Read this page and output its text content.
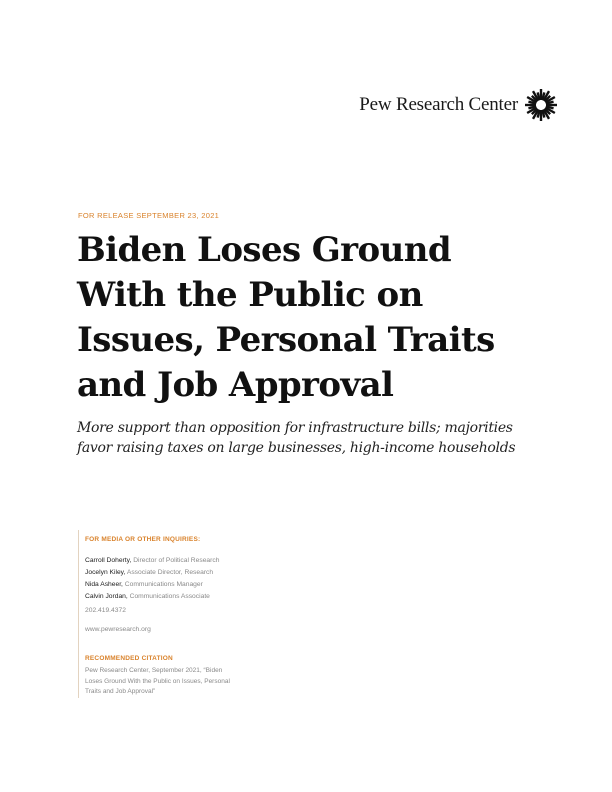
Pew Research Center
FOR RELEASE SEPTEMBER 23, 2021
Biden Loses Ground
With the Public on
Issues, Personal Traits
and Job Approval

More support than opposition for infrastructure bills; majorities
favor raising taxes on large businesses, high-income households

FOR MEDIA OR OTHER INQUIRIES:
Carroll Doherty, Director of Political Research
Jocelyn Kiley, Associate Director, Research
Nida Asheer, Communications Manager
Calvin Jordan, Communications Associate
202.419.4372
www.pewresearch.org
RECOMMENDED CITATION
Pew Research Center, September 2021, “Biden
Loses Ground With the Public on Issues, Personal
Traits and Job Approval”
